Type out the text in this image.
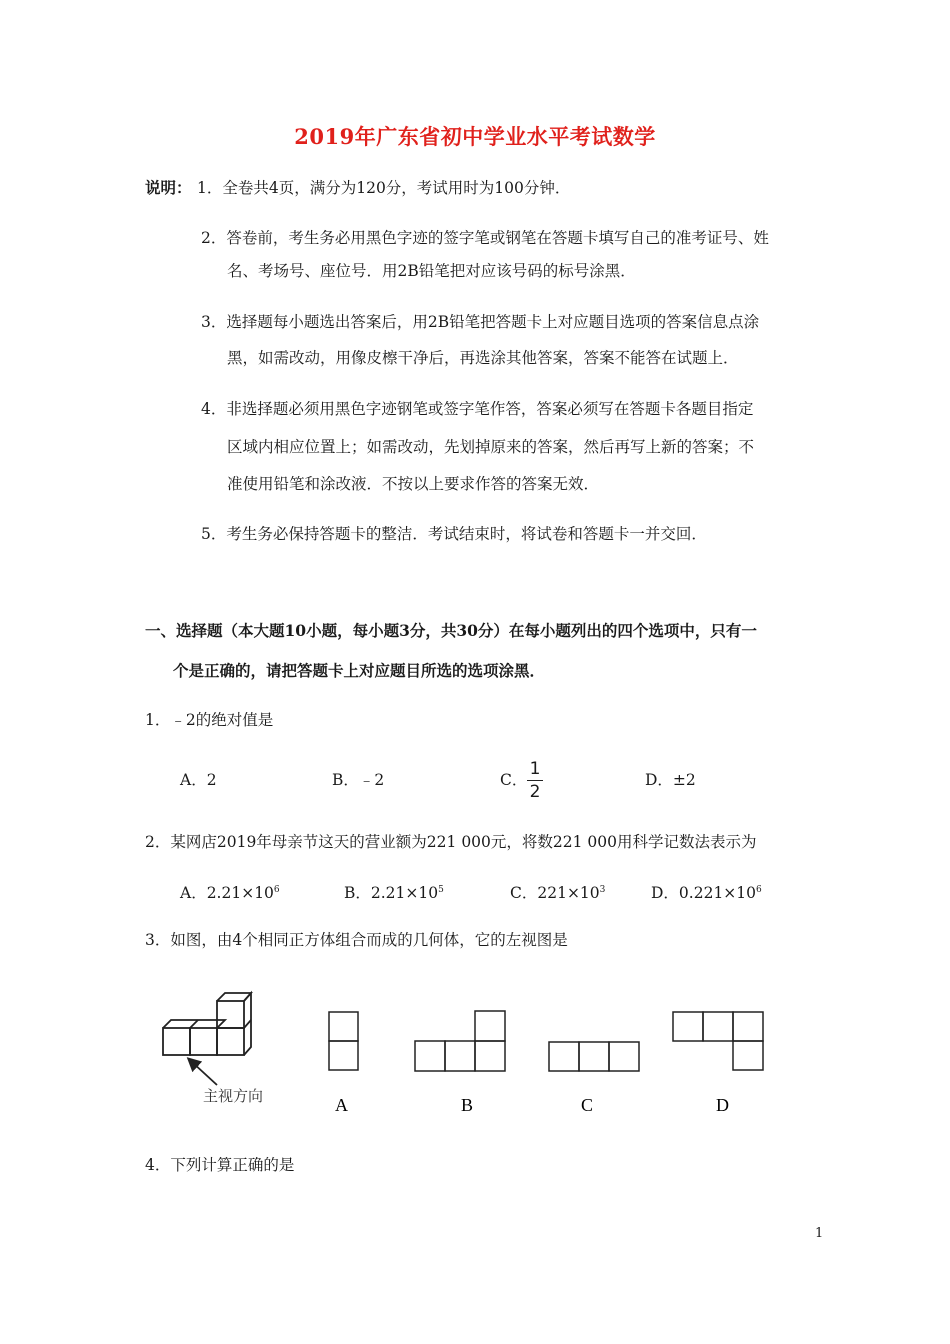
2019年广东省初中学业水平考试数学
说明： 1．全卷共4页，满分为120分，考试用时为100分钟．
2．答卷前，考生务必用黑色字迹的签字笔或钢笔在答题卡填写自己的准考证号、姓
名、考场号、座位号．用2B铅笔把对应该号码的标号涂黑．
3．选择题每小题选出答案后，用2B铅笔把答题卡上对应题目选项的答案信息点涂
黑，如需改动，用像皮檫干净后，再选涂其他答案，答案不能答在试题上．
4．非选择题必须用黑色字迹钢笔或签字笔作答，答案必须写在答题卡各题目指定
区域内相应位置上；如需改动，先划掉原来的答案，然后再写上新的答案；不
准使用铅笔和涂改液．不按以上要求作答的答案无效．
5．考生务必保持答题卡的整洁．考试结束时，将试卷和答题卡一并交回．
一、选择题（本大题10小题，每小题3分，共30分）在每小题列出的四个选项中，只有一
个是正确的，请把答题卡上对应题目所选的选项涂黑．
1．﹣2的绝对值是
A．2	B．﹣2	C．
1
2
D．±2
2．某网店2019年母亲节这天的营业额为221 000元，将数221 000用科学记数法表示为
A．$2.21\times 10^6$	B．$2.21\times 10^5$	C．$221\times 10^3$	D．$0.221\times 10^6$
3．如图，由4个相同正方体组合而成的几何体，它的左视图是
主视方向	A	B	C	D
4．下列计算正确的是
1
